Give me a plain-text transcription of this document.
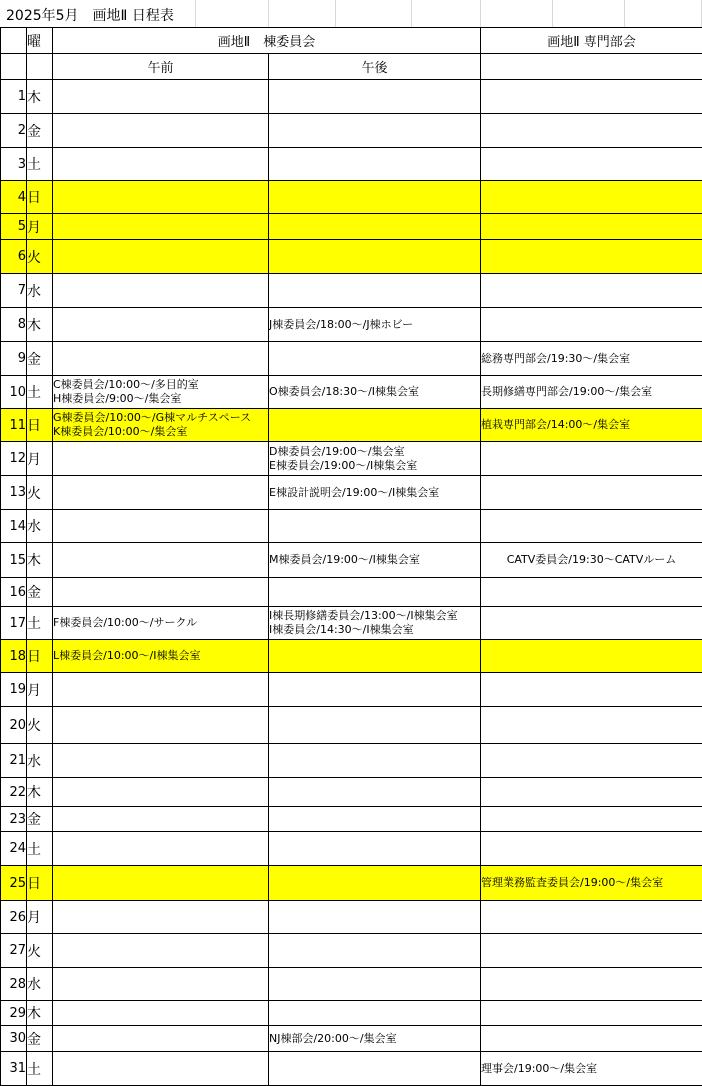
2025年5月　画地Ⅱ 日程表
	曜	画地Ⅱ　棟委員会		画地Ⅱ 専門部会
		午前	午後	
1	木			
2	金			
3	土			
4	日			
5	月			
6	火			
7	水			
8	木		J棟委員会/18:00～/J棟ホビー	

9	金			総務専門部会/19:30～/集会室

10	土	C棟委員会/10:00～/多目的室
H棟委員会/9:00～/集会室	O棟委員会/18:30～/I棟集会室	長期修繕専門部会/19:00～/集会室

11	日	G棟委員会/10:00～/G棟マルチスペース
K棟委員会/10:00～/集会室		植栽専門部会/14:00～/集会室

12	月		D棟委員会/19:00～/集会室
E棟委員会/19:00～/I棟集会室	

13	火		E棟設計説明会/19:00～/I棟集会室	

14	水			
15	木		M棟委員会/19:00～/I棟集会室	CATV委員会/19:30～CATVルーム

16	金			
17	土	F棟委員会/10:00～/サークル	I棟長期修繕委員会/13:00～/I棟集会室
I棟委員会/14:30～/I棟集会室	

18	日	L棟委員会/10:00～/I棟集会室		

19	月			
20	火			
21	水			
22	木			
23	金			
24	土			
25	日			管理業務監査委員会/19:00～/集会室

26	月			
27	火			
28	水			
29	木			
30	金		NJ棟部会/20:00～/集会室	

31	土			理事会/19:00～/集会室
